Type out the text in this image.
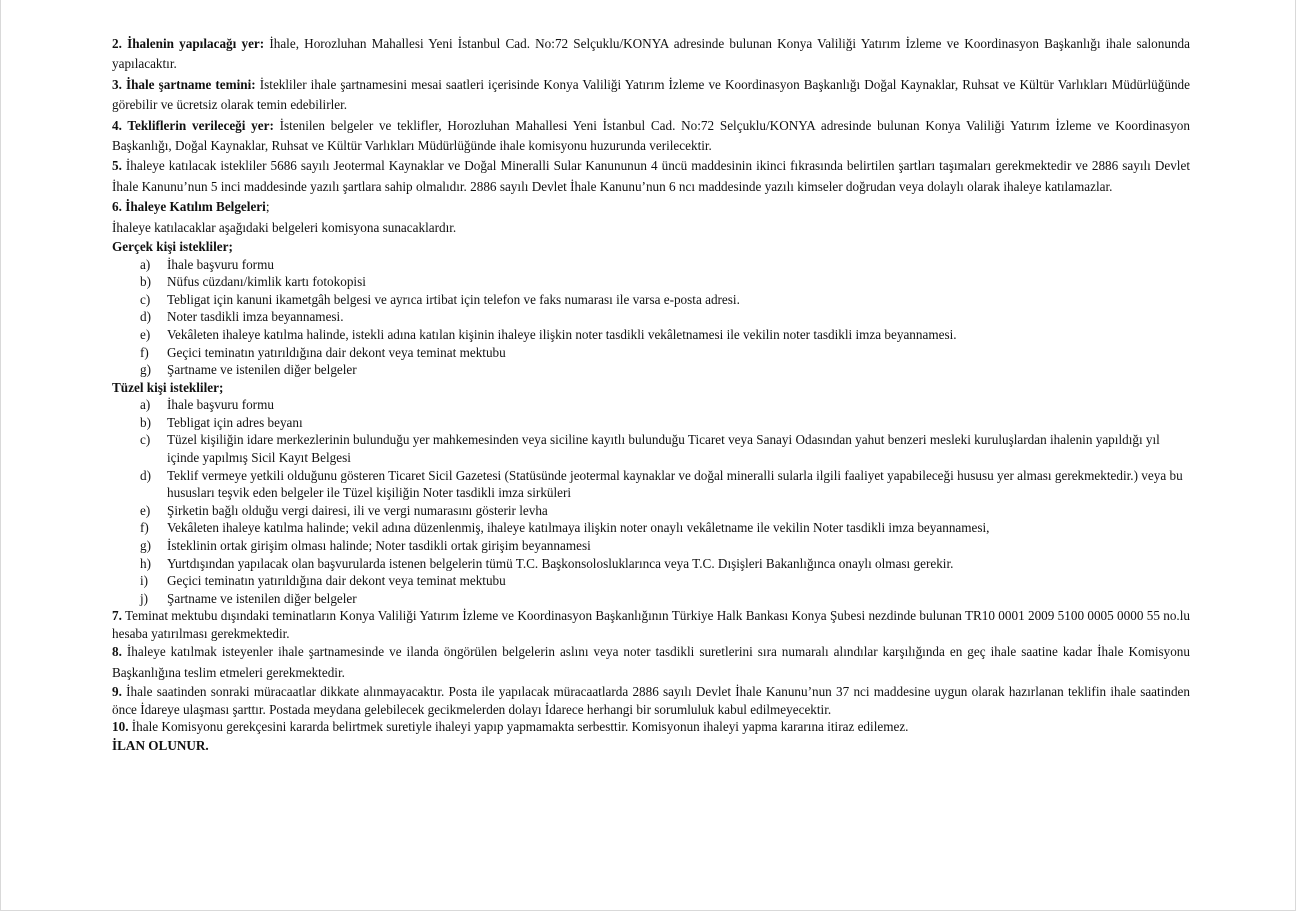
2. İhalenin yapılacağı yer: İhale, Horozluhan Mahallesi Yeni İstanbul Cad. No:72 Selçuklu/KONYA adresinde bulunan Konya Valiliği Yatırım İzleme ve Koordinasyon Başkanlığı ihale salonunda yapılacaktır.

3. İhale şartname temini: İstekliler ihale şartnamesini mesai saatleri içerisinde Konya Valiliği Yatırım İzleme ve Koordinasyon Başkanlığı Doğal Kaynaklar, Ruhsat ve Kültür Varlıkları Müdürlüğünde görebilir ve ücretsiz olarak temin edebilirler.

4. Tekliflerin verileceği yer: İstenilen belgeler ve teklifler, Horozluhan Mahallesi Yeni İstanbul Cad. No:72 Selçuklu/KONYA adresinde bulunan Konya Valiliği Yatırım İzleme ve Koordinasyon Başkanlığı, Doğal Kaynaklar, Ruhsat ve Kültür Varlıkları Müdürlüğünde ihale komisyonu huzurunda verilecektir.

5. İhaleye katılacak istekliler 5686 sayılı Jeotermal Kaynaklar ve Doğal Mineralli Sular Kanununun 4 üncü maddesinin ikinci fıkrasında belirtilen şartları taşımaları gerekmektedir ve 2886 sayılı Devlet İhale Kanunu’nun 5 inci maddesinde yazılı şartlara sahip olmalıdır. 2886 sayılı Devlet İhale Kanunu’nun 6 ncı maddesinde yazılı kimseler doğrudan veya dolaylı olarak ihaleye katılamazlar.

6. İhaleye Katılım Belgeleri;

İhaleye katılacaklar aşağıdaki belgeleri komisyona sunacaklardır.

Gerçek kişi istekliler;

a)	İhale başvuru formu
b)	Nüfus cüzdanı/kimlik kartı fotokopisi
c)	Tebligat için kanuni ikametgâh belgesi ve ayrıca irtibat için telefon ve faks numarası ile varsa e-posta adresi.
d)	Noter tasdikli imza beyannamesi.
e)	Vekâleten ihaleye katılma halinde, istekli adına katılan kişinin ihaleye ilişkin noter tasdikli vekâletnamesi ile vekilin noter tasdikli imza beyannamesi.
f)	Geçici teminatın yatırıldığına dair dekont veya teminat mektubu
g)	Şartname ve istenilen diğer belgeler

Tüzel kişi istekliler;

a)	İhale başvuru formu
b)	Tebligat için adres beyanı
c)	Tüzel kişiliğin idare merkezlerinin bulunduğu yer mahkemesinden veya siciline kayıtlı bulunduğu Ticaret veya Sanayi Odasından yahut benzeri mesleki kuruluşlardan ihalenin yapıldığı yıl içinde yapılmış Sicil Kayıt Belgesi
d)	Teklif vermeye yetkili olduğunu gösteren Ticaret Sicil Gazetesi (Statüsünde jeotermal kaynaklar ve doğal mineralli sularla ilgili faaliyet yapabileceği hususu yer alması gerekmektedir.) veya bu hususları teşvik eden belgeler ile Tüzel kişiliğin Noter tasdikli imza sirküleri
e)	Şirketin bağlı olduğu vergi dairesi, ili ve vergi numarasını gösterir levha
f)	Vekâleten ihaleye katılma halinde; vekil adına düzenlenmiş, ihaleye katılmaya ilişkin noter onaylı vekâletname ile vekilin Noter tasdikli imza beyannamesi,
g)	İsteklinin ortak girişim olması halinde; Noter tasdikli ortak girişim beyannamesi
h)	Yurtdışından yapılacak olan başvurularda istenen belgelerin tümü T.C. Başkonsolosluklarınca veya T.C. Dışişleri Bakanlığınca onaylı olması gerekir.
i)	Geçici teminatın yatırıldığına dair dekont veya teminat mektubu
j)	Şartname ve istenilen diğer belgeler

7. Teminat mektubu dışındaki teminatların Konya Valiliği Yatırım İzleme ve Koordinasyon Başkanlığının Türkiye Halk Bankası Konya Şubesi nezdinde bulunan TR10 0001 2009 5100 0005 0000 55 no.lu hesaba yatırılması gerekmektedir.

8. İhaleye katılmak isteyenler ihale şartnamesinde ve ilanda öngörülen belgelerin aslını veya noter tasdikli suretlerini sıra numaralı alındılar karşılığında en geç ihale saatine kadar İhale Komisyonu Başkanlığına teslim etmeleri gerekmektedir.

9. İhale saatinden sonraki müracaatlar dikkate alınmayacaktır. Posta ile yapılacak müracaatlarda 2886 sayılı Devlet İhale Kanunu’nun 37 nci maddesine uygun olarak hazırlanan teklifin ihale saatinden önce İdareye ulaşması şarttır. Postada meydana gelebilecek gecikmelerden dolayı İdarece herhangi bir sorumluluk kabul edilmeyecektir.

10. İhale Komisyonu gerekçesini kararda belirtmek suretiyle ihaleyi yapıp yapmamakta serbesttir. Komisyonun ihaleyi yapma kararına itiraz edilemez.

İLAN OLUNUR.
